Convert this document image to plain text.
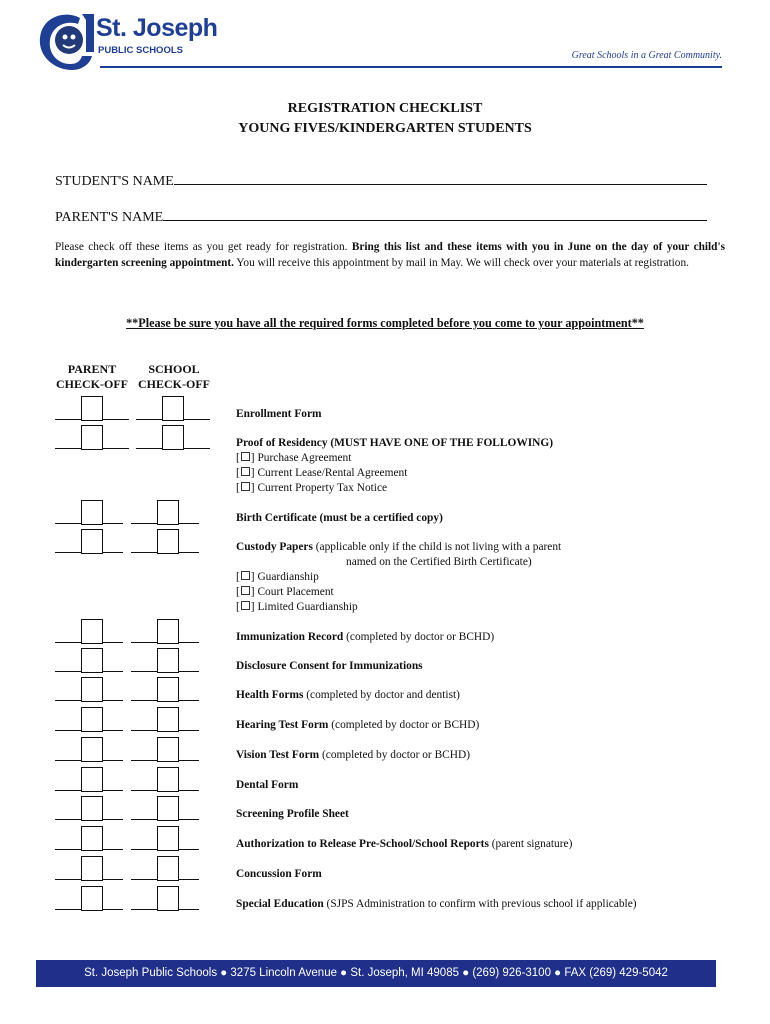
St. Joseph
PUBLIC SCHOOLS	Great Schools in a Great Community.
REGISTRATION CHECKLIST
YOUNG FIVES/KINDERGARTEN STUDENTS
STUDENT'S NAME
PARENT'S NAME
Please check off these items as you get ready for registration. Bring this list and these items with you in June on the day of your child's kindergarten screening appointment. You will receive this appointment by mail in May. We will check over your materials at registration.
**Please be sure you have all the required forms completed before you come to your appointment**
PARENT
CHECK-OFF
SCHOOL
CHECK-OFF
Enrollment Form
Proof of Residency (MUST HAVE ONE OF THE FOLLOWING)
[ ] Purchase Agreement
[ ] Current Lease/Rental Agreement
[ ] Current Property Tax Notice
Birth Certificate (must be a certified copy)
Custody Papers (applicable only if the child is not living with a parent
named on the Certified Birth Certificate)
[ ] Guardianship
[ ] Court Placement
[ ] Limited Guardianship
Immunization Record (completed by doctor or BCHD)
Disclosure Consent for Immunizations
Health Forms (completed by doctor and dentist)
Hearing Test Form (completed by doctor or BCHD)
Vision Test Form (completed by doctor or BCHD)
Dental Form
Screening Profile Sheet
Authorization to Release Pre-School/School Reports (parent signature)
Concussion Form
Special Education (SJPS Administration to confirm with previous school if applicable)
St. Joseph Public Schools ● 3275 Lincoln Avenue ● St. Joseph, MI 49085 ● (269) 926-3100 ● FAX (269) 429-5042
